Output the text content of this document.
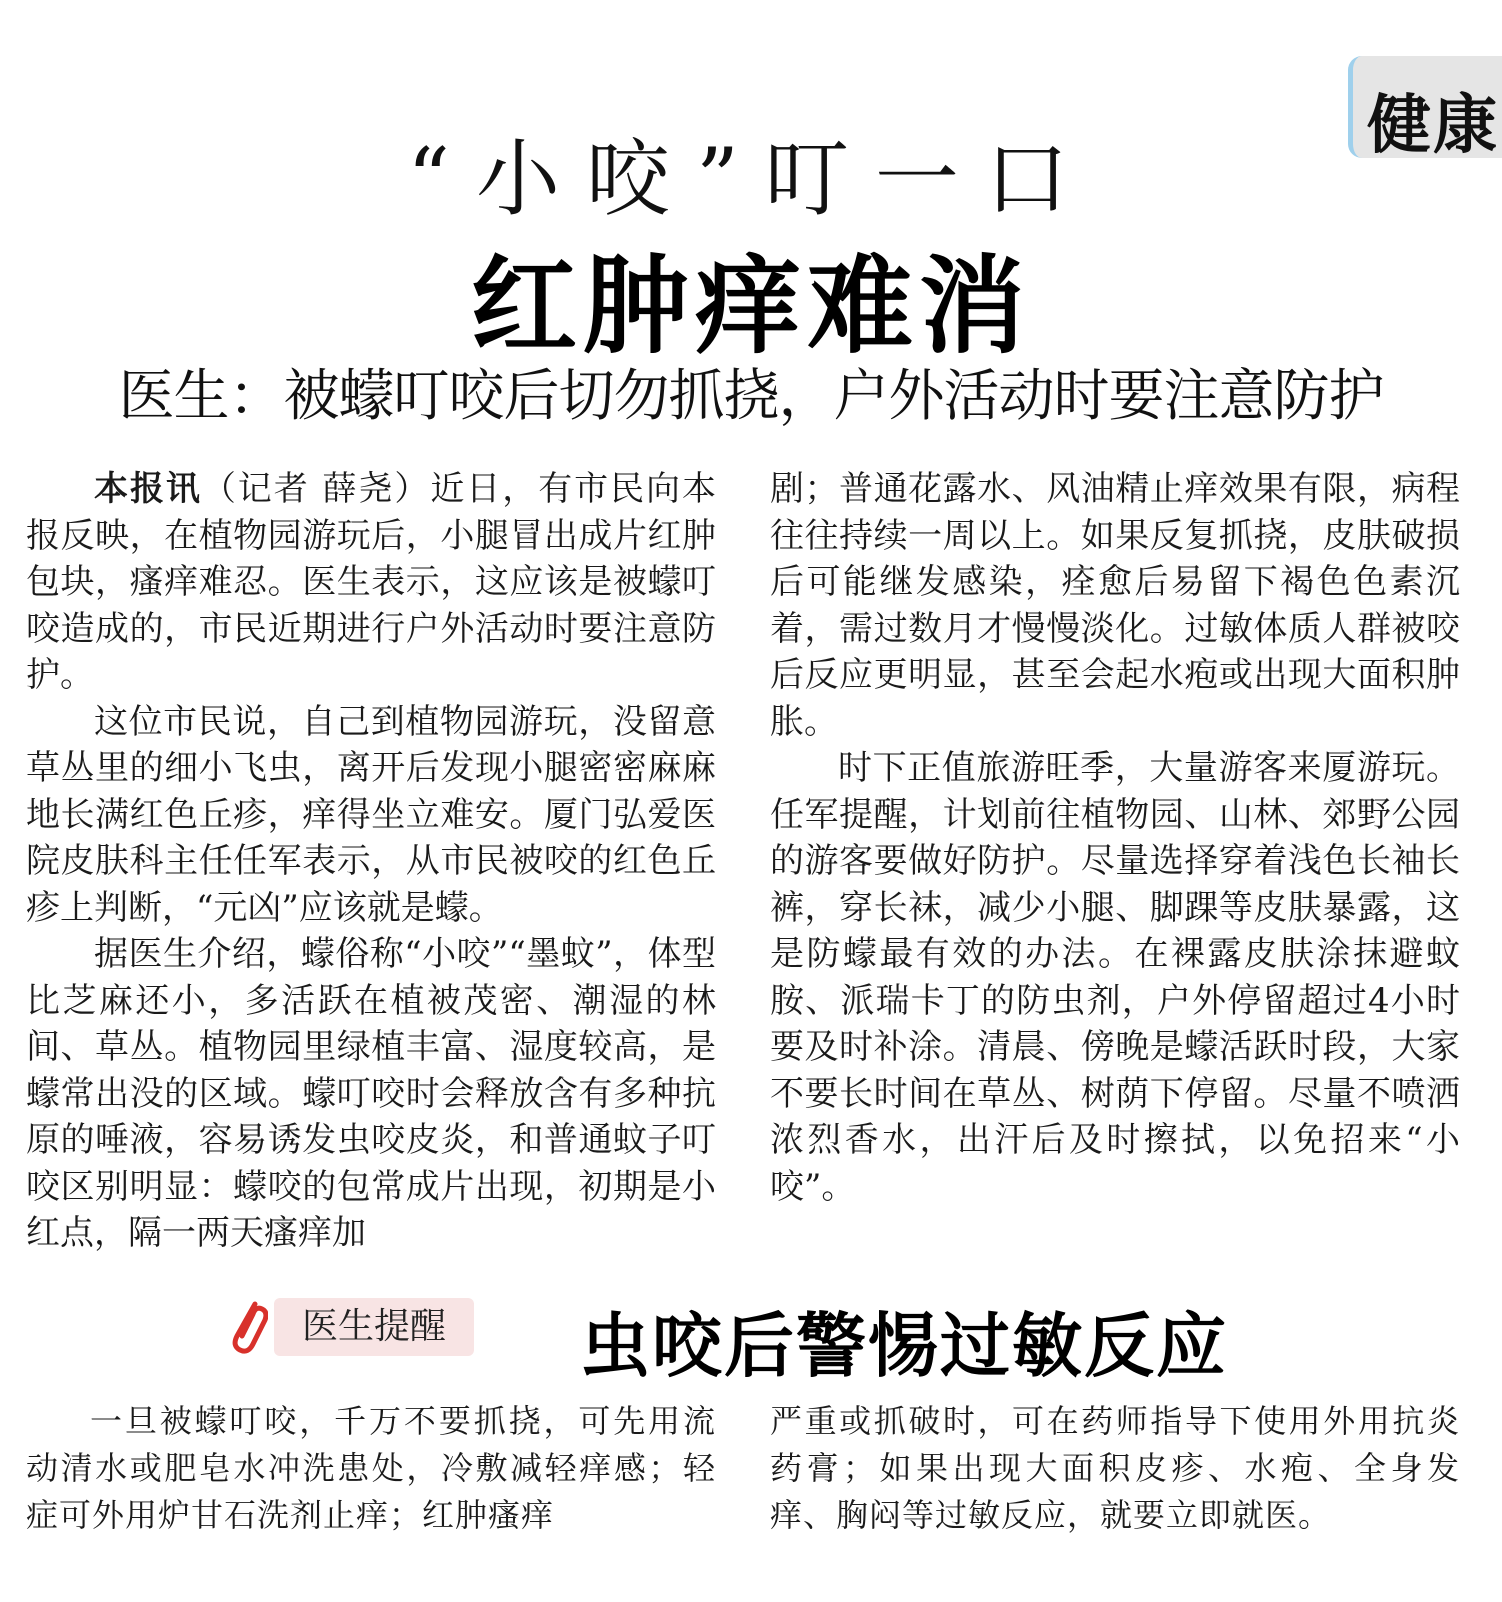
健康
“小咬”叮一口
红肿痒难消
医生：被蠓叮咬后切勿抓挠，户外活动时要注意防护

本报讯（记者 薛尧）近日，有市民向本报反映，在植物园游玩后，小腿冒出成片红肿包块，瘙痒难忍。医生表示，这应该是被蠓叮咬造成的，市民近期进行户外活动时要注意防护。

这位市民说，自己到植物园游玩，没留意草丛里的细小飞虫，离开后发现小腿密密麻麻地长满红色丘疹，痒得坐立难安。厦门弘爱医院皮肤科主任任军表示，从市民被咬的红色丘疹上判断，“元凶”应该就是蠓。

据医生介绍，蠓俗称“小咬”“墨蚊”，体型比芝麻还小，多活跃在植被茂密、潮湿的林间、草丛。植物园里绿植丰富、湿度较高，是蠓常出没的区域。蠓叮咬时会释放含有多种抗原的唾液，容易诱发虫咬皮炎，和普通蚊子叮咬区别明显：蠓咬的包常成片出现，初期是小红点，隔一两天瘙痒加

剧；普通花露水、风油精止痒效果有限，病程往往持续一周以上。如果反复抓挠，皮肤破损后可能继发感染，痊愈后易留下褐色色素沉着，需过数月才慢慢淡化。过敏体质人群被咬后反应更明显，甚至会起水疱或出现大面积肿胀。

时下正值旅游旺季，大量游客来厦游玩。任军提醒，计划前往植物园、山林、郊野公园的游客要做好防护。尽量选择穿着浅色长袖长裤，穿长袜，减少小腿、脚踝等皮肤暴露，这是防蠓最有效的办法。在裸露皮肤涂抹避蚊胺、派瑞卡丁的防虫剂，户外停留超过4小时要及时补涂。清晨、傍晚是蠓活跃时段，大家不要长时间在草丛、树荫下停留。尽量不喷洒浓烈香水，出汗后及时擦拭，以免招来“小咬”。

医生提醒	虫咬后警惕过敏反应

一旦被蠓叮咬，千万不要抓挠，可先用流动清水或肥皂水冲洗患处，冷敷减轻痒感；轻症可外用炉甘石洗剂止痒；红肿瘙痒

严重或抓破时，可在药师指导下使用外用抗炎药膏；如果出现大面积皮疹、水疱、全身发痒、胸闷等过敏反应，就要立即就医。
